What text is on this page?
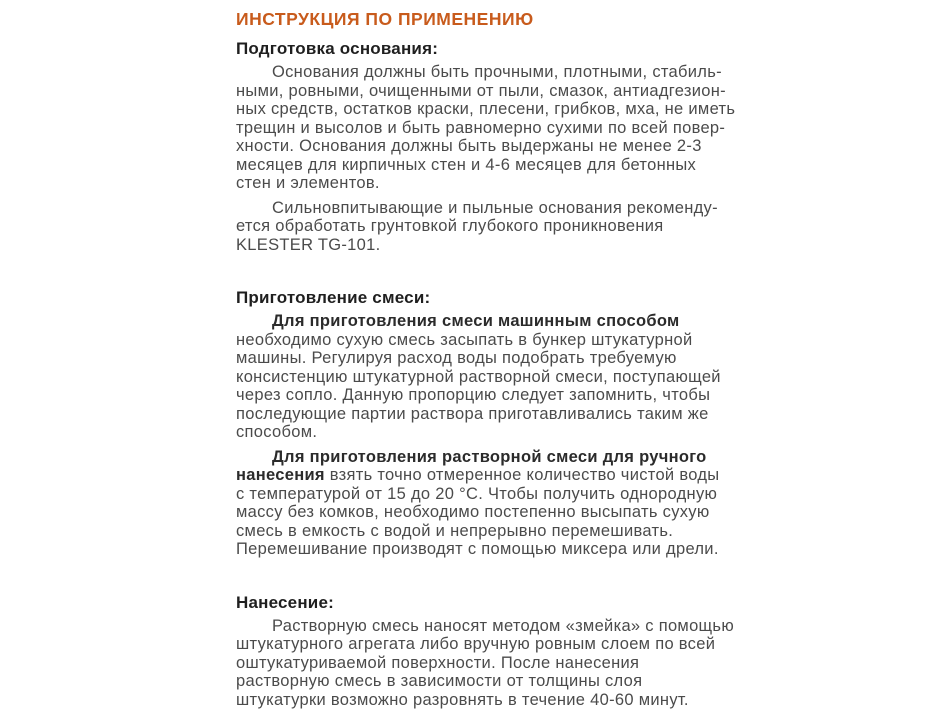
ИНСТРУКЦИЯ ПО ПРИМЕНЕНИЮ
Подготовка основания:

Основания должны быть прочными, плотными, стабиль-
ными, ровными, очищенными от пыли, смазок, антиадгезион-
ных средств, остатков краски, плесени, грибков, мха, не иметь
трещин и высолов и быть равномерно сухими по всей повер-
хности. Основания должны быть выдержаны не менее 2-3
месяцев для кирпичных стен и 4-6 месяцев для бетонных
стен и элементов.

Сильновпитывающие и пыльные основания рекоменду-
ется обработать грунтовкой глубокого проникновения
KLESTER TG-101.

Приготовление смеси:

Для приготовления смеси машинным способом
необходимо сухую смесь засыпать в бункер штукатурной
машины. Регулируя расход воды подобрать требуемую
консистенцию штукатурной растворной смеси, поступающей
через сопло. Данную пропорцию следует запомнить, чтобы
последующие партии раствора приготавливались таким же
способом.

Для приготовления растворной смеси для ручного
нанесения взять точно отмеренное количество чистой воды
с температурой от 15 до 20 °С. Чтобы получить однородную
массу без комков, необходимо постепенно высыпать сухую
смесь в емкость с водой и непрерывно перемешивать.
Перемешивание производят с помощью миксера или дрели.

Нанесение:

Растворную смесь наносят методом «змейка» с помощью
штукатурного агрегата либо вручную ровным слоем по всей
оштукатуриваемой поверхности. После нанесения
растворную смесь в зависимости от толщины слоя
штукатурки возможно разровнять в течение 40-60 минут.
